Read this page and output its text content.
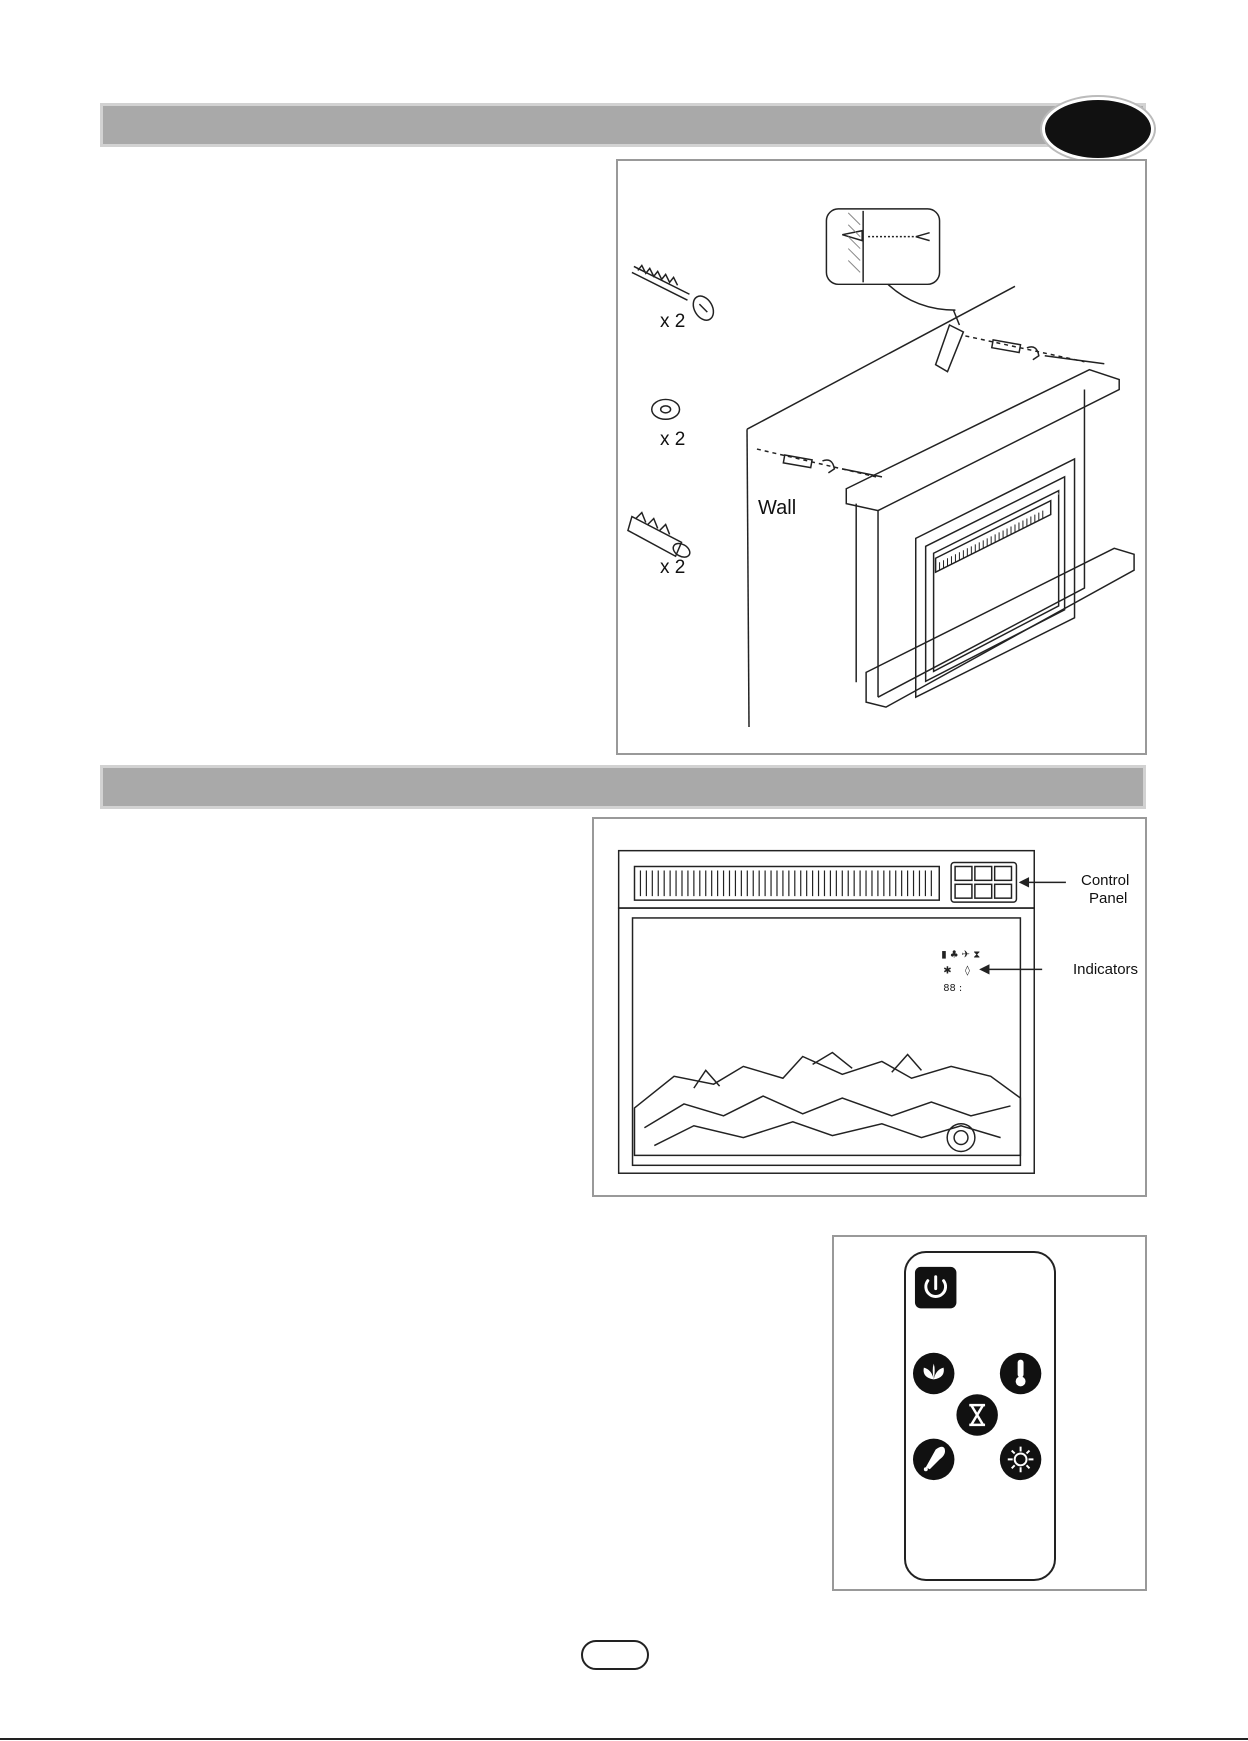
x 2
x 2
x 2
Wall
▮ ♣ ✈ ⧗
✱ ◊
88 :
Control
Panel
Indicators
